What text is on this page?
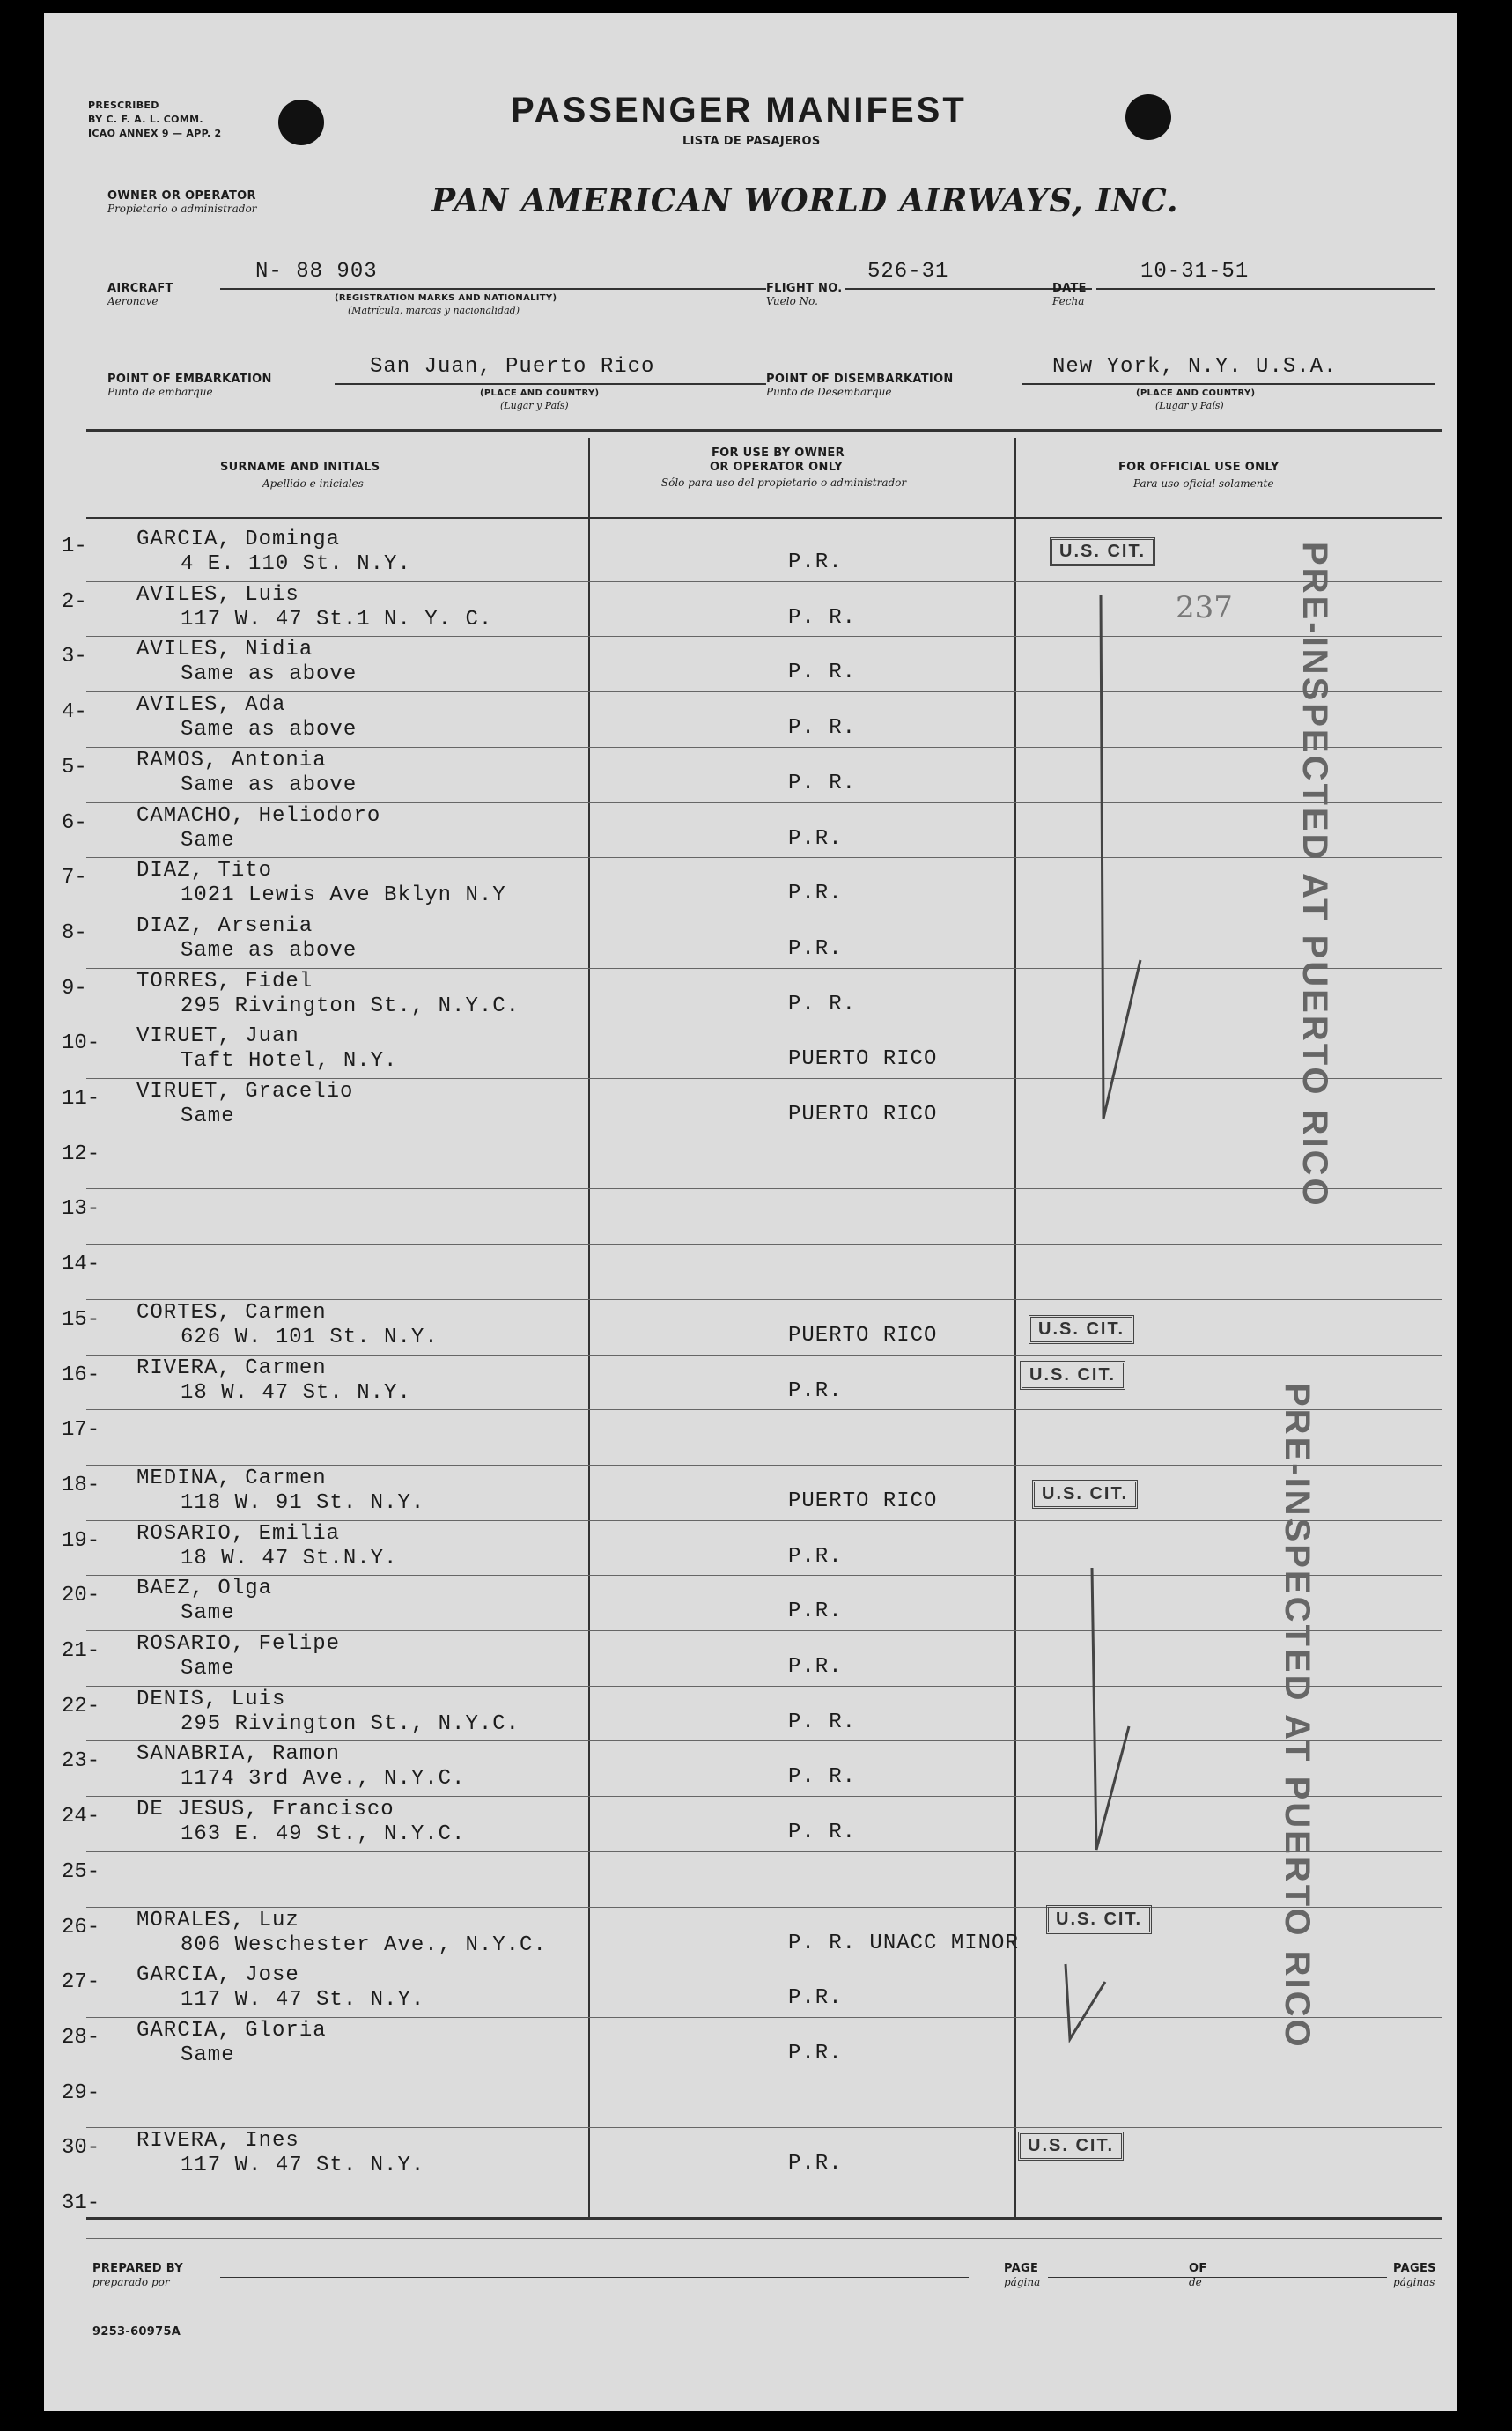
PRESCRIBED
BY C. F. A. L. COMM.
ICAO ANNEX 9 — APP. 2
PASSENGER MANIFEST
LISTA DE PASAJEROS
OWNER OR OPERATOR
Propietario o administrador	PAN AMERICAN WORLD AIRWAYS, INC.
AIRCRAFT
Aeronave
N- 88 903
(REGISTRATION MARKS AND NATIONALITY)
(Matrícula, marcas y nacionalidad)
FLIGHT NO.
Vuelo No.
526-31
DATE
Fecha
10-31-51
POINT OF EMBARKATION
Punto de embarque
San Juan, Puerto Rico
(PLACE AND COUNTRY)
(Lugar y País)
POINT OF DISEMBARKATION
Punto de Desembarque
New York, N.Y. U.S.A.
(PLACE AND COUNTRY)
(Lugar y País)
SURNAME AND INITIALS
Apellido e iniciales
FOR USE BY OWNER
OR OPERATOR ONLY
Sólo para uso del propietario o administrador
FOR OFFICIAL USE ONLY
Para uso oficial solamente
1- GARCIA, Dominga
4 E. 110 St. N.Y.	P.R.
2- AVILES, Luis
117 W. 47 St.1 N. Y. C.	P. R.
3- AVILES, Nidia
Same as above	P. R.
4- AVILES, Ada
Same as above	P. R.
5- RAMOS, Antonia
Same as above	P. R.
6- CAMACHO, Heliodoro
Same	P.R.
7- DIAZ, Tito
1021 Lewis Ave Bklyn N.Y	P.R.
8- DIAZ, Arsenia
Same as above	P.R.
9- TORRES, Fidel
295 Rivington St., N.Y.C.	P. R.
10- VIRUET, Juan
Taft Hotel, N.Y.	PUERTO RICO
11- VIRUET, Gracelio
Same	PUERTO RICO
12-
13-
14-
15- CORTES, Carmen
626 W. 101 St. N.Y.	PUERTO RICO
16- RIVERA, Carmen
18 W. 47 St. N.Y.	P.R.
17-
18- MEDINA, Carmen
118 W. 91 St. N.Y.	PUERTO RICO
19- ROSARIO, Emilia
18 W. 47 St.N.Y.	P.R.
20- BAEZ, Olga
Same	P.R.
21- ROSARIO, Felipe
Same	P.R.
22- DENIS, Luis
295 Rivington St., N.Y.C.	P. R.
23- SANABRIA, Ramon
1174 3rd Ave., N.Y.C.	P. R.
24- DE JESUS, Francisco
163 E. 49 St., N.Y.C.	P. R.
25-
26- MORALES, Luz
806 Weschester Ave., N.Y.C.	P. R. UNACC MINOR
27- GARCIA, Jose
117 W. 47 St. N.Y.	P.R.
28- GARCIA, Gloria
Same	P.R.
29-
30- RIVERA, Ines
117 W. 47 St. N.Y.	P.R.
31-
U.S. CIT.
237 PRE-INSPECTED AT PUERTO RICO
U.S. CIT.
U.S. CIT.
U.S. CIT.	PRE-INSPECTED AT PUERTO RICO
U.S. CIT.
U.S. CIT.
PREPARED BY
preparado por
PAGE
página
OF
de
PAGES
páginas
9253-60975A
